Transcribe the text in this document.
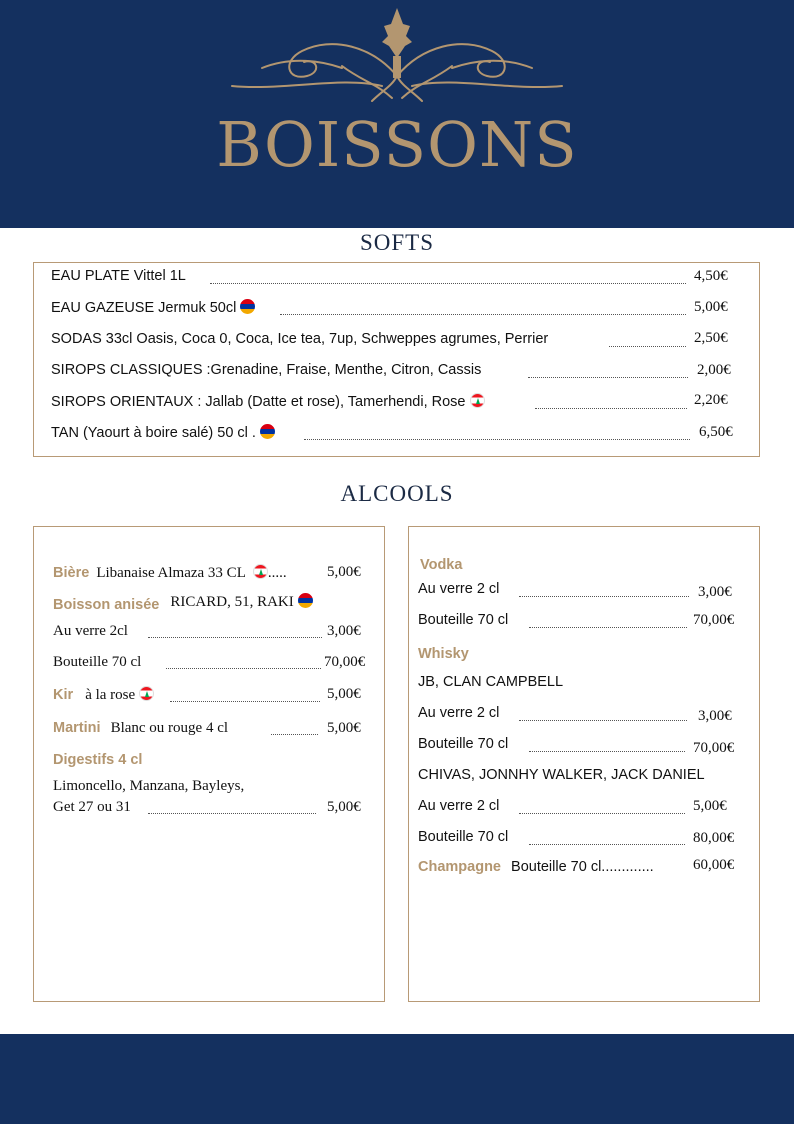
BOISSONS
SOFTS
EAU PLATE Vittel 1L	4,50€
EAU GAZEUSE Jermuk 50cl	5,00€
SODAS 33cl Oasis, Coca 0, Coca, Ice tea, 7up, Schweppes agrumes, Perrier	2,50€
SIROPS CLASSIQUES :Grenadine, Fraise, Menthe, Citron, Cassis	2,00€
SIROPS ORIENTAUX : Jallab (Datte et rose), Tamerhendi, Rose	2,20€
TAN (Yaourt à boire salé) 50 cl .	6,50€
ALCOOLS
Bière Libanaise Almaza 33 CL .....	5,00€
Boisson anisée RICARD, 51, RAKI
Au verre 2cl	3,00€
Bouteille 70 cl	70,00€
Kir à la rose	5,00€
Martini Blanc ou rouge 4 cl	5,00€
Digestifs 4 cl
Limoncello, Manzana, Bayleys,
Get 27 ou 31	5,00€
Vodka
Au verre 2 cl	3,00€
Bouteille 70 cl	70,00€
Whisky
JB, CLAN CAMPBELL
Au verre 2 cl	3,00€
Bouteille 70 cl	70,00€
CHIVAS, JONNHY WALKER, JACK DANIEL
Au verre 2 cl	5,00€
Bouteille 70 cl	80,00€
Champagne Bouteille 70 cl.............	60,00€
